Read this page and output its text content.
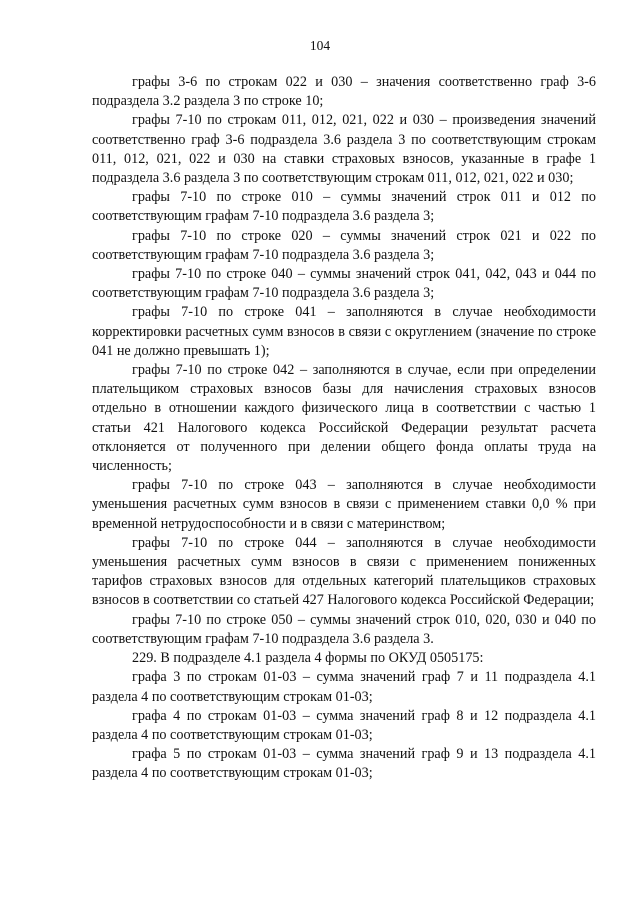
104

графы 3-6 по строкам 022 и 030 – значения соответственно граф 3-6 подраздела 3.2 раздела 3 по строке 10;

графы 7-10 по строкам 011, 012, 021, 022 и 030 – произведения значений соответственно граф 3-6 подраздела 3.6 раздела 3 по соответствующим строкам 011, 012, 021, 022 и 030 на ставки страховых взносов, указанные в графе 1 подраздела 3.6 раздела 3 по соответствующим строкам 011, 012, 021, 022 и 030;

графы 7-10 по строке 010 – суммы значений строк 011 и 012 по соответствующим графам 7-10 подраздела 3.6 раздела 3;

графы 7-10 по строке 020 – суммы значений строк 021 и 022 по соответствующим графам 7-10 подраздела 3.6 раздела 3;

графы 7-10 по строке 040 – суммы значений строк 041, 042, 043 и 044 по соответствующим графам 7-10 подраздела 3.6 раздела 3;

графы 7-10 по строке 041 – заполняются в случае необходимости корректировки расчетных сумм взносов в связи с округлением (значение по строке 041 не должно превышать 1);

графы 7-10 по строке 042 – заполняются в случае, если при определении плательщиком страховых взносов базы для начисления страховых взносов отдельно в отношении каждого физического лица в соответствии с частью 1 статьи 421 Налогового кодекса Российской Федерации результат расчета отклоняется от полученного при делении общего фонда оплаты труда на численность;

графы 7-10 по строке 043 – заполняются в случае необходимости уменьшения расчетных сумм взносов в связи с применением ставки 0,0 % при временной нетрудоспособности и в связи с материнством;

графы 7-10 по строке 044 – заполняются в случае необходимости уменьшения расчетных сумм взносов в связи с применением пониженных тарифов страховых взносов для отдельных категорий плательщиков страховых взносов в соответствии со статьей 427 Налогового кодекса Российской Федерации;

графы 7-10 по строке 050 – суммы значений строк 010, 020, 030 и 040 по соответствующим графам 7-10 подраздела 3.6 раздела 3.

229. В подразделе 4.1 раздела 4 формы по ОКУД 0505175:

графа 3 по строкам 01-03 – сумма значений граф 7 и 11 подраздела 4.1 раздела 4 по соответствующим строкам 01-03;

графа 4 по строкам 01-03 – сумма значений граф 8 и 12 подраздела 4.1 раздела 4 по соответствующим строкам 01-03;

графа 5 по строкам 01-03 – сумма значений граф 9 и 13 подраздела 4.1 раздела 4 по соответствующим строкам 01-03;
